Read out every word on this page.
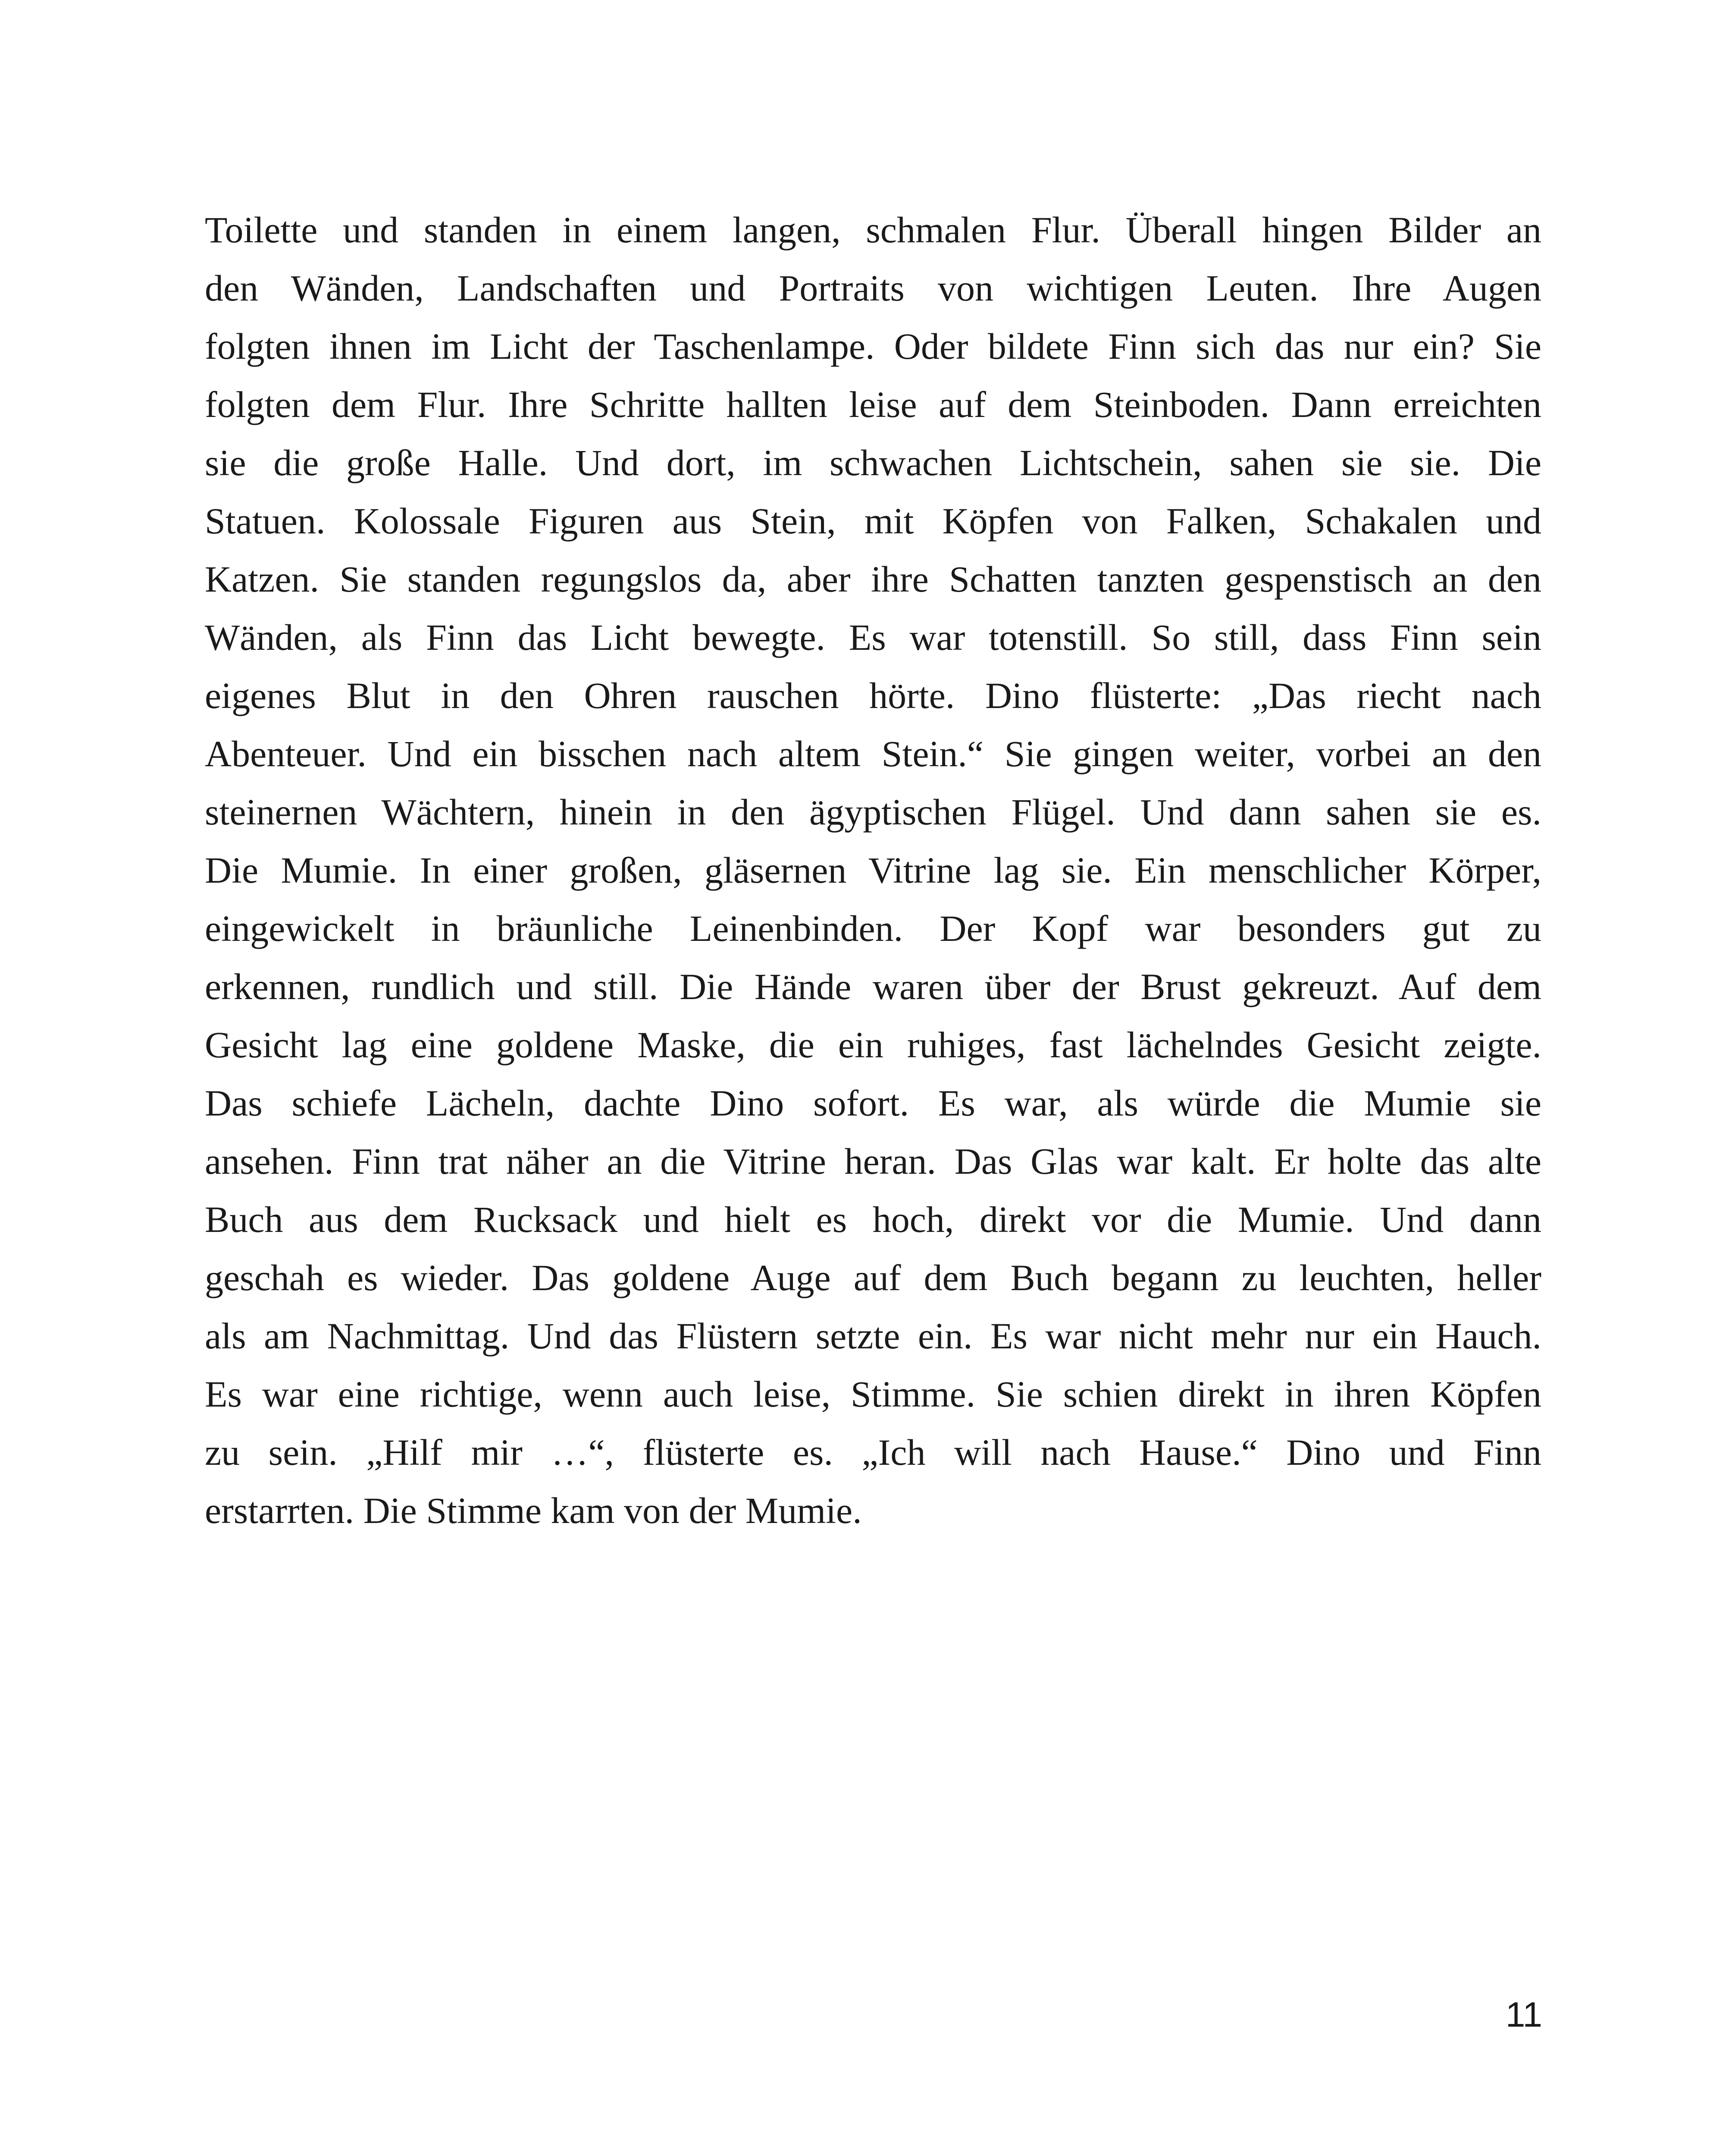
Toilette und standen in einem langen, schmalen Flur. Überall hingen Bilder an
den Wänden, Landschaften und Portraits von wichtigen Leuten. Ihre Augen
folgten ihnen im Licht der Taschenlampe. Oder bildete Finn sich das nur ein? Sie
folgten dem Flur. Ihre Schritte hallten leise auf dem Steinboden. Dann erreichten
sie die große Halle. Und dort, im schwachen Lichtschein, sahen sie sie. Die
Statuen. Kolossale Figuren aus Stein, mit Köpfen von Falken, Schakalen und
Katzen. Sie standen regungslos da, aber ihre Schatten tanzten gespenstisch an den
Wänden, als Finn das Licht bewegte. Es war totenstill. So still, dass Finn sein
eigenes Blut in den Ohren rauschen hörte. Dino flüsterte: „Das riecht nach
Abenteuer. Und ein bisschen nach altem Stein.“ Sie gingen weiter, vorbei an den
steinernen Wächtern, hinein in den ägyptischen Flügel. Und dann sahen sie es.
Die Mumie. In einer großen, gläsernen Vitrine lag sie. Ein menschlicher Körper,
eingewickelt in bräunliche Leinenbinden. Der Kopf war besonders gut zu
erkennen, rundlich und still. Die Hände waren über der Brust gekreuzt. Auf dem
Gesicht lag eine goldene Maske, die ein ruhiges, fast lächelndes Gesicht zeigte.
Das schiefe Lächeln, dachte Dino sofort. Es war, als würde die Mumie sie
ansehen. Finn trat näher an die Vitrine heran. Das Glas war kalt. Er holte das alte
Buch aus dem Rucksack und hielt es hoch, direkt vor die Mumie. Und dann
geschah es wieder. Das goldene Auge auf dem Buch begann zu leuchten, heller
als am Nachmittag. Und das Flüstern setzte ein. Es war nicht mehr nur ein Hauch.
Es war eine richtige, wenn auch leise, Stimme. Sie schien direkt in ihren Köpfen
zu sein. „Hilf mir …“, flüsterte es. „Ich will nach Hause.“ Dino und Finn
erstarrten. Die Stimme kam von der Mumie.
11
